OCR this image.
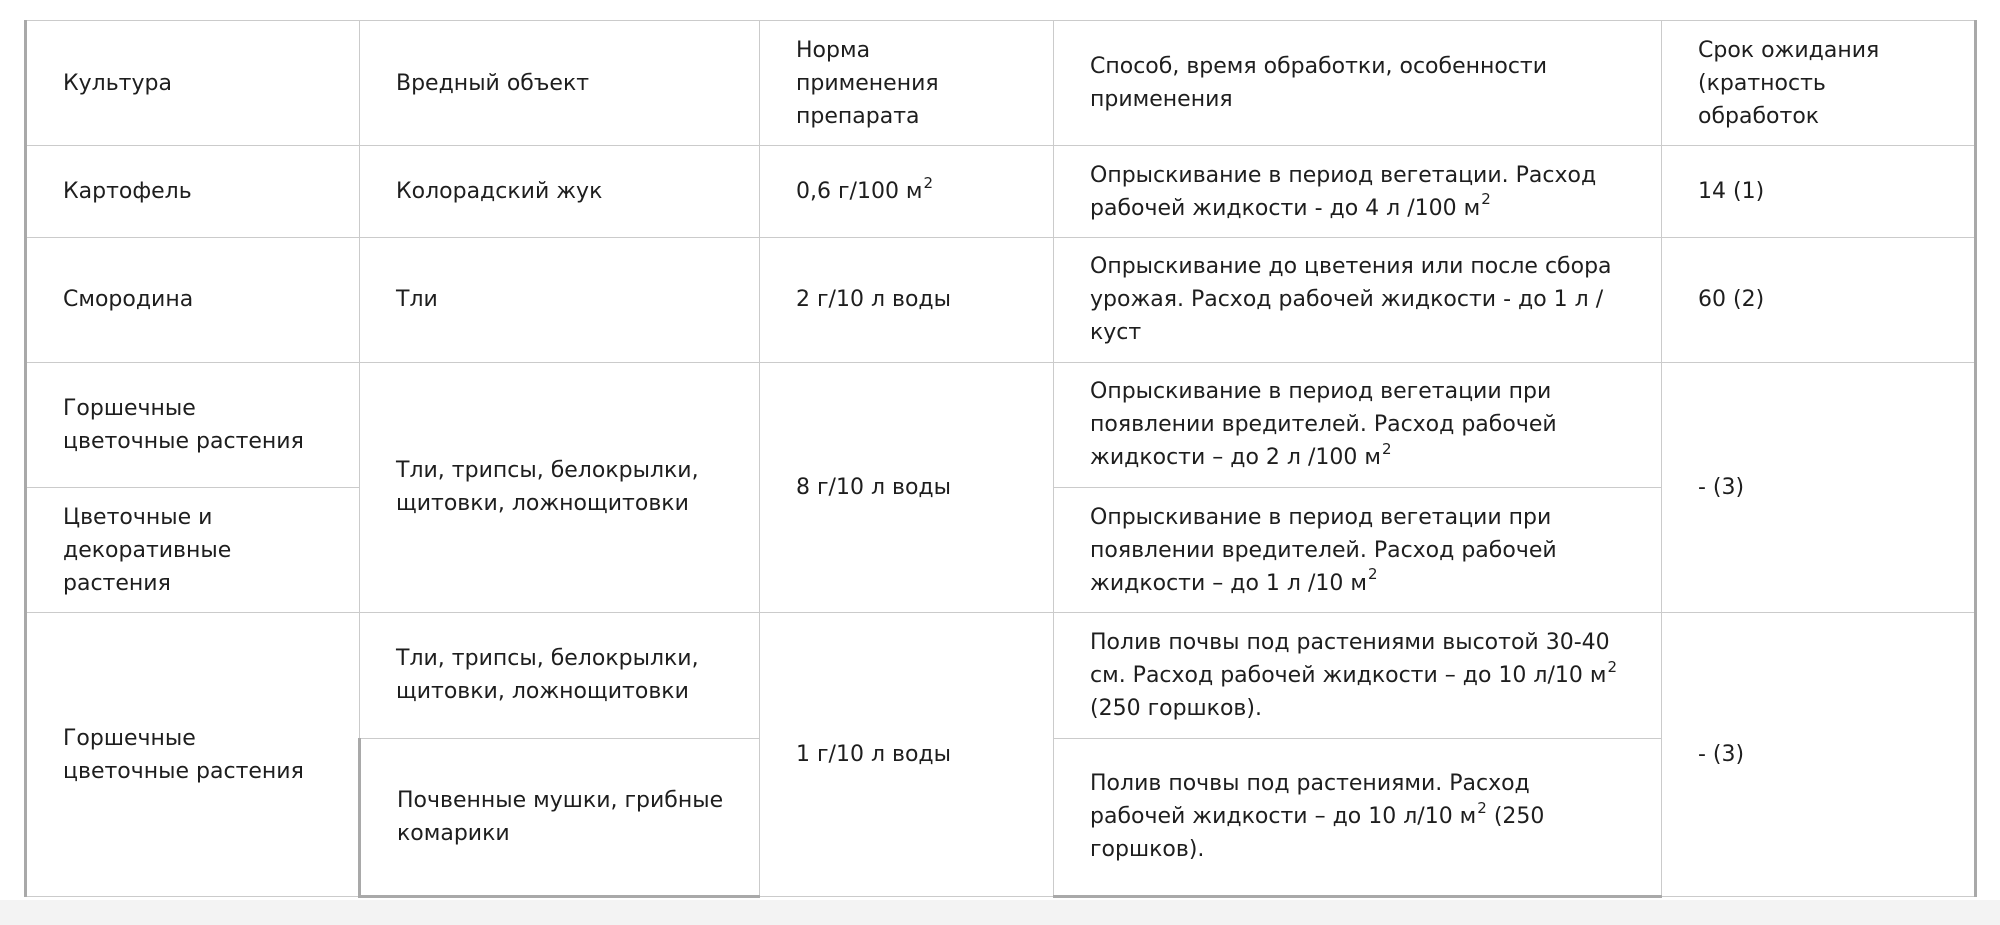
Культура	Вредный объект	Норма применения препарата	Способ, время обработки, особенности применения	Срок ожидания (кратность обработок
Картофель	Колорадский жук	0,6 г/100 $м^2$	Опрыскивание в период вегетации. Расход рабочей жидкости - до 4 л /100 $м^2$	14 (1)
Смородина	Тли	2 г/10 л воды	Опрыскивание до цветения или после сбора урожая. Расход рабочей жидкости - до 1 л / куст	60 (2)
Горшечные цветочные растения	Тли, трипсы, белокрылки, щитовки, ложнощитовки	8 г/10 л воды	Опрыскивание в период вегетации при появлении вредителей. Расход рабочей жидкости – до 2 л /100 $м^2$	- (3)
Цветочные и декоративные растения			Опрыскивание в период вегетации при появлении вредителей. Расход рабочей жидкости – до 1 л /10 $м^2$
Горшечные цветочные растения	Тли, трипсы, белокрылки, щитовки, ложнощитовки	1 г/10 л воды	Полив почвы под растениями высотой 30-40 см. Расход рабочей жидкости – до 10 л/10 $м^2$ (250 горшков).	- (3)
	Почвенные мушки, грибные комарики		Полив почвы под растениями. Расход рабочей жидкости – до 10 л/10 $м^2$ (250 горшков).	
